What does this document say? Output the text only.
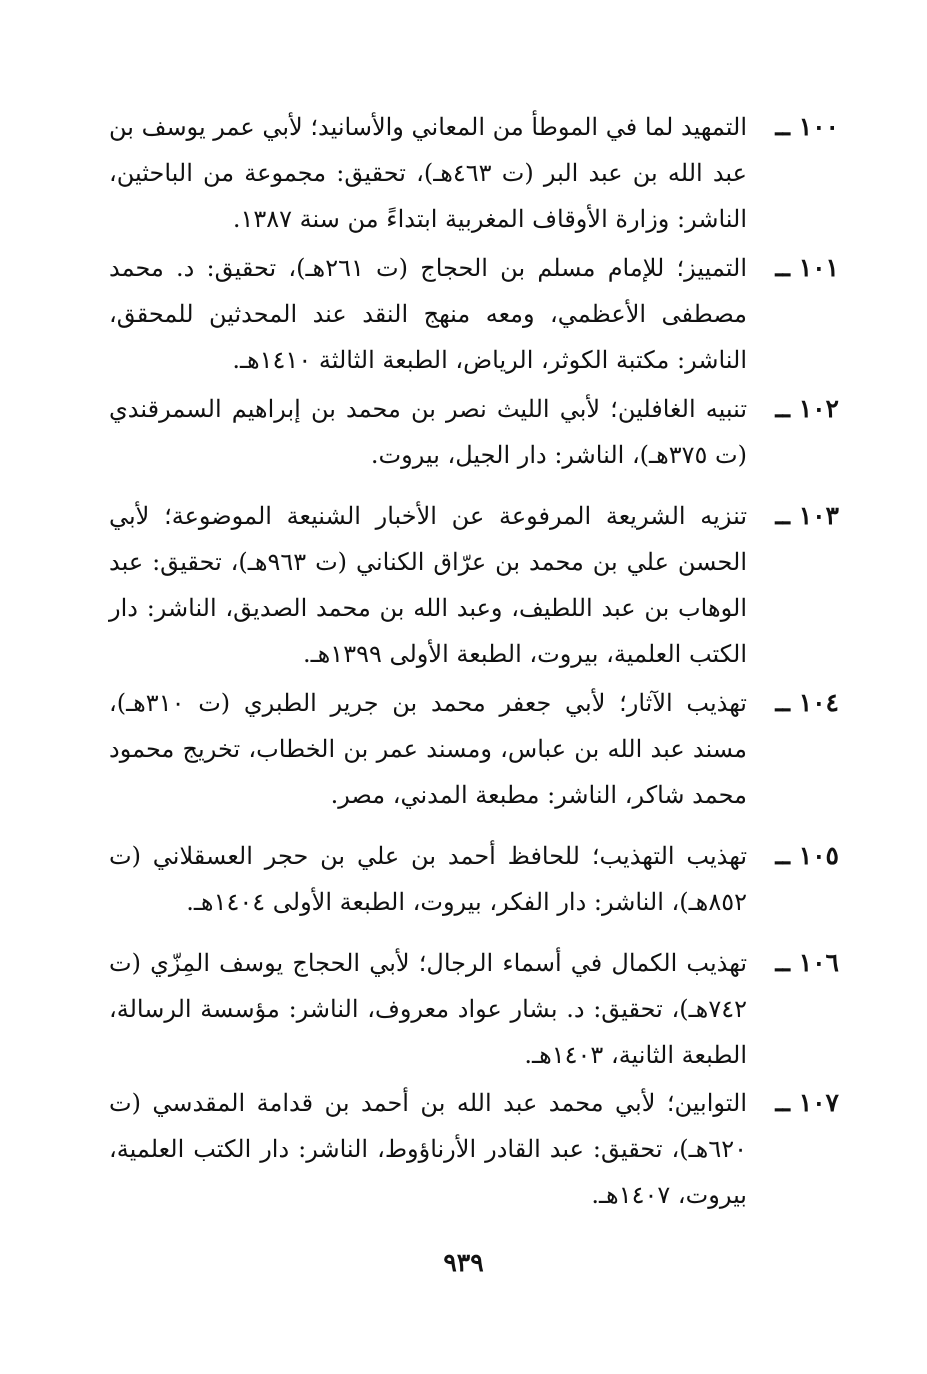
١٠٠ ــ
التمهيد لما في الموطأ من المعاني والأسانيد؛ لأبي عمر يوسف بن عبد الله بن عبد البر (ت ٤٦٣هـ)، تحقيق: مجموعة من الباحثين، الناشر: وزارة الأوقاف المغربية ابتداءً من سنة ١٣٨٧.
١٠١ ــ
التمييز؛ للإمام مسلم بن الحجاج (ت ٢٦١هـ)، تحقيق: د. محمد مصطفى الأعظمي، ومعه منهج النقد عند المحدثين للمحقق، الناشر: مكتبة الكوثر، الرياض، الطبعة الثالثة ١٤١٠هـ.
١٠٢ ــ
تنبيه الغافلين؛ لأبي الليث نصر بن محمد بن إبراهيم السمرقندي (ت ٣٧٥هـ)، الناشر: دار الجيل، بيروت.
١٠٣ ــ
تنزيه الشريعة المرفوعة عن الأخبار الشنيعة الموضوعة؛ لأبي الحسن علي بن محمد بن عرّاق الكناني (ت ٩٦٣هـ)، تحقيق: عبد الوهاب بن عبد اللطيف، وعبد الله بن محمد الصديق، الناشر: دار الكتب العلمية، بيروت، الطبعة الأولى ١٣٩٩هـ.
١٠٤ ــ
تهذيب الآثار؛ لأبي جعفر محمد بن جرير الطبري (ت ٣١٠هـ)، مسند عبد الله بن عباس، ومسند عمر بن الخطاب، تخريج محمود محمد شاكر، الناشر: مطبعة المدني، مصر.
١٠٥ ــ
تهذيب التهذيب؛ للحافظ أحمد بن علي بن حجر العسقلاني (ت ٨٥٢هـ)، الناشر: دار الفكر، بيروت، الطبعة الأولى ١٤٠٤هـ.
١٠٦ ــ
تهذيب الكمال في أسماء الرجال؛ لأبي الحجاج يوسف المِزّي (ت ٧٤٢هـ)، تحقيق: د. بشار عواد معروف، الناشر: مؤسسة الرسالة، الطبعة الثانية، ١٤٠٣هـ.
١٠٧ ــ
التوابين؛ لأبي محمد عبد الله بن أحمد بن قدامة المقدسي (ت ٦٢٠هـ)، تحقيق: عبد القادر الأرناؤوط، الناشر: دار الكتب العلمية، بيروت، ١٤٠٧هـ.
٩٣٩
